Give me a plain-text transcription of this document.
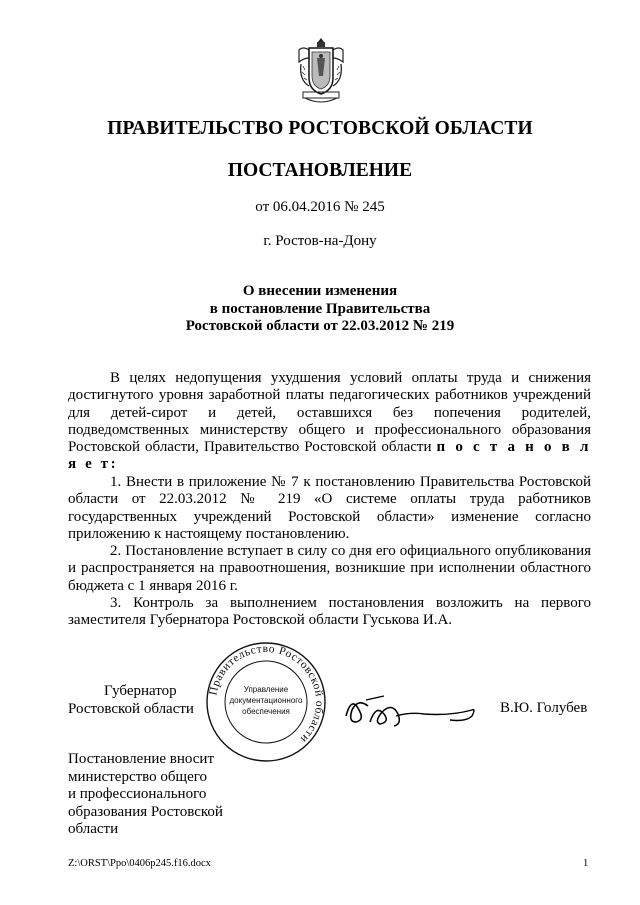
ПРАВИТЕЛЬСТВО РОСТОВСКОЙ ОБЛАСТИ
ПОСТАНОВЛЕНИЕ
от 06.04.2016 № 245
г. Ростов-на-Дону
О внесении изменения
в постановление Правительства
Ростовской области от 22.03.2012 № 219
В целях недопущения ухудшения условий оплаты труда и снижения достигнутого уровня заработной платы педагогических работников учреждений для детей-сирот и детей, оставшихся без попечения родителей, подведомственных министерству общего и профессионального образования Ростовской области, Правительство Ростовской области п о с т а н о в л я е т:
1. Внести в приложение № 7 к постановлению Правительства Ростовской области от 22.03.2012 № 219 «О системе оплаты труда работников государственных учреждений Ростовской области» изменение согласно приложению к настоящему постановлению.
2. Постановление вступает в силу со дня его официального опубликования и распространяется на правоотношения, возникшие при исполнении областного бюджета с 1 января 2016 г.
3. Контроль за выполнением постановления возложить на первого заместителя Губернатора Ростовской области Гуськова И.А.
Губернатор
Ростовской области
Правительство Ростовской области
Управление
документационного
обеспечения	В.Ю. Голубев
Постановление вносит
министерство общего
и профессионального
образования Ростовской
области
Z:\ORST\Ppo\0406p245.f16.docx	1
